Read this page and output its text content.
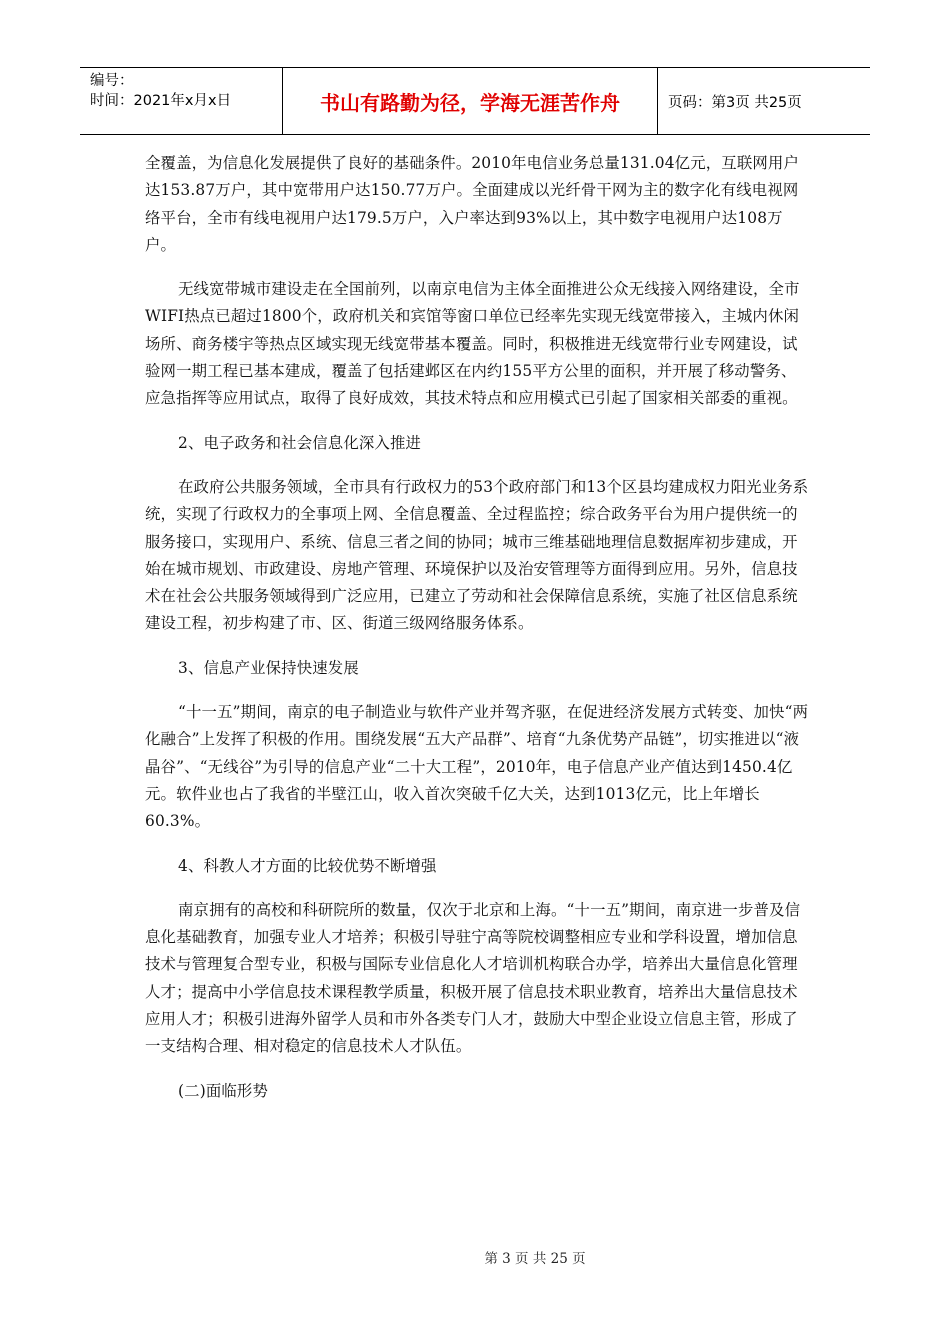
编号：
时间：2021年x月x日	书山有路勤为径，学海无涯苦作舟	页码：第3页 共25页

全覆盖，为信息化发展提供了良好的基础条件。2010年电信业务总量131.04亿元，互联网用户达153.87万户，其中宽带用户达150.77万户。全面建成以光纤骨干网为主的数字化有线电视网络平台，全市有线电视用户达179.5万户，入户率达到93%以上，其中数字电视用户达108万户。

无线宽带城市建设走在全国前列，以南京电信为主体全面推进公众无线接入网络建设，全市WIFI热点已超过1800个，政府机关和宾馆等窗口单位已经率先实现无线宽带接入，主城内休闲场所、商务楼宇等热点区域实现无线宽带基本覆盖。同时，积极推进无线宽带行业专网建设，试验网一期工程已基本建成，覆盖了包括建邺区在内约155平方公里的面积，并开展了移动警务、应急指挥等应用试点，取得了良好成效，其技术特点和应用模式已引起了国家相关部委的重视。

2、电子政务和社会信息化深入推进

在政府公共服务领域，全市具有行政权力的53个政府部门和13个区县均建成权力阳光业务系统，实现了行政权力的全事项上网、全信息覆盖、全过程监控；综合政务平台为用户提供统一的服务接口，实现用户、系统、信息三者之间的协同；城市三维基础地理信息数据库初步建成，开始在城市规划、市政建设、房地产管理、环境保护以及治安管理等方面得到应用。另外，信息技术在社会公共服务领域得到广泛应用，已建立了劳动和社会保障信息系统，实施了社区信息系统建设工程，初步构建了市、区、街道三级网络服务体系。

3、信息产业保持快速发展

“十一五”期间，南京的电子制造业与软件产业并驾齐驱，在促进经济发展方式转变、加快“两化融合”上发挥了积极的作用。围绕发展“五大产品群”、培育“九条优势产品链”，切实推进以“液晶谷”、“无线谷”为引导的信息产业“二十大工程”，2010年，电子信息产业产值达到1450.4亿元。软件业也占了我省的半壁江山，收入首次突破千亿大关，达到1013亿元，比上年增长60.3%。

4、科教人才方面的比较优势不断增强

南京拥有的高校和科研院所的数量，仅次于北京和上海。“十一五”期间，南京进一步普及信息化基础教育，加强专业人才培养；积极引导驻宁高等院校调整相应专业和学科设置，增加信息技术与管理复合型专业，积极与国际专业信息化人才培训机构联合办学，培养出大量信息化管理人才；提高中小学信息技术课程教学质量，积极开展了信息技术职业教育，培养出大量信息技术应用人才；积极引进海外留学人员和市外各类专门人才，鼓励大中型企业设立信息主管，形成了一支结构合理、相对稳定的信息技术人才队伍。

(二)面临形势

第 3 页 共 25 页
